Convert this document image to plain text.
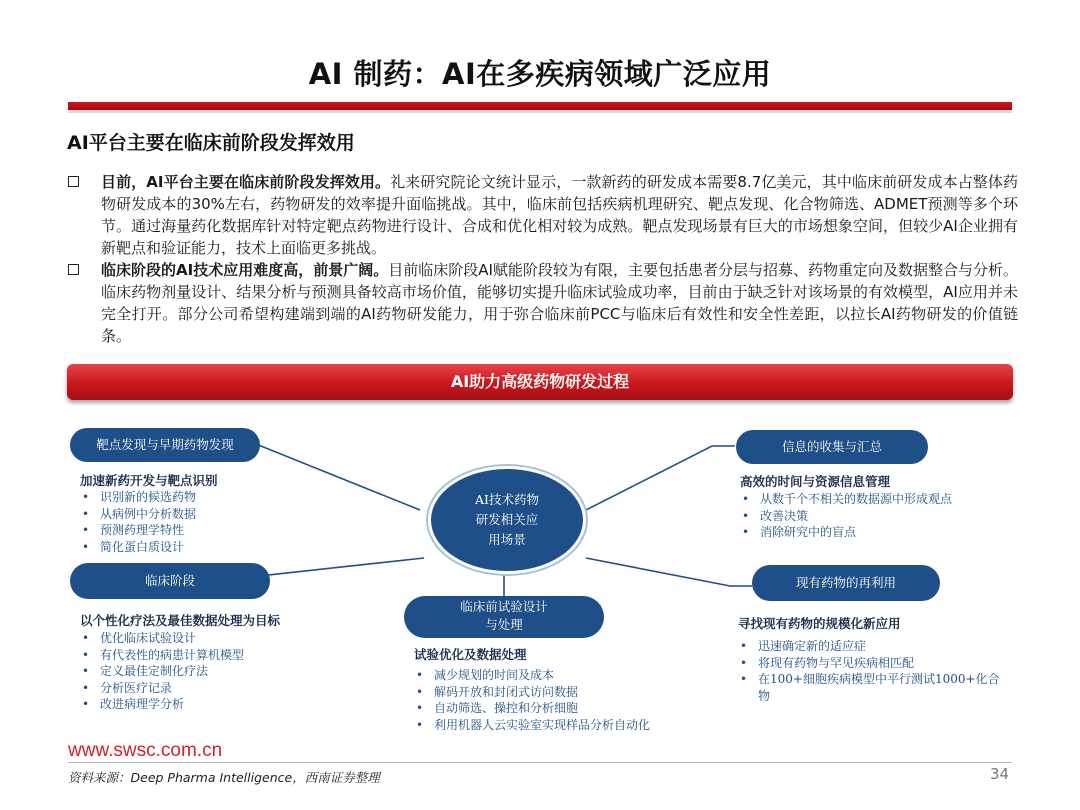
AI 制药：AI在多疾病领域广泛应用
AI平台主要在临床前阶段发挥效用
目前，AI平台主要在临床前阶段发挥效用。礼来研究院论文统计显示，一款新药的研发成本需要8.7亿美元，其中临床前研发成本占整体药物研发成本的30%左右，药物研发的效率提升面临挑战。其中，临床前包括疾病机理研究、靶点发现、化合物筛选、ADMET预测等多个环节。通过海量药化数据库针对特定靶点药物进行设计、合成和优化相对较为成熟。靶点发现场景有巨大的市场想象空间，但较少AI企业拥有新靶点和验证能力，技术上面临更多挑战。
临床阶段的AI技术应用难度高，前景广阔。目前临床阶段AI赋能阶段较为有限，主要包括患者分层与招募、药物重定向及数据整合与分析。临床药物剂量设计、结果分析与预测具备较高市场价值，能够切实提升临床试验成功率，目前由于缺乏针对该场景的有效模型，AI应用并未完全打开。部分公司希望构建端到端的AI药物研发能力，用于弥合临床前PCC与临床后有效性和安全性差距，以拉长AI药物研发的价值链条。
AI助力高级药物研发过程
靶点发现与早期药物发现
加速新药开发与靶点识别
• 识别新的候选药物
• 从病例中分析数据
• 预测药理学特性
• 简化蛋白质设计
信息的收集与汇总
高效的时间与资源信息管理
• 从数千个不相关的数据源中形成观点
• 改善决策
• 消除研究中的盲点
AI技术药物
研发相关应
用场景
临床阶段
以个性化疗法及最佳数据处理为目标
• 优化临床试验设计
• 有代表性的病患计算机模型
• 定义最佳定制化疗法
• 分析医疗记录
• 改进病理学分析
临床前试验设计
与处理
试验优化及数据处理
• 减少规划的时间及成本
• 解码开放和封闭式访问数据
• 自动筛选、操控和分析细胞
• 利用机器人云实验室实现样品分析自动化
现有药物的再利用
寻找现有药物的规模化新应用
• 迅速确定新的适应症
• 将现有药物与罕见疾病相匹配
• 在100+细胞疾病模型中平行测试1000+化合物
www.swsc.com.cn
资料来源：Deep Pharma Intelligence，西南证券整理	34
